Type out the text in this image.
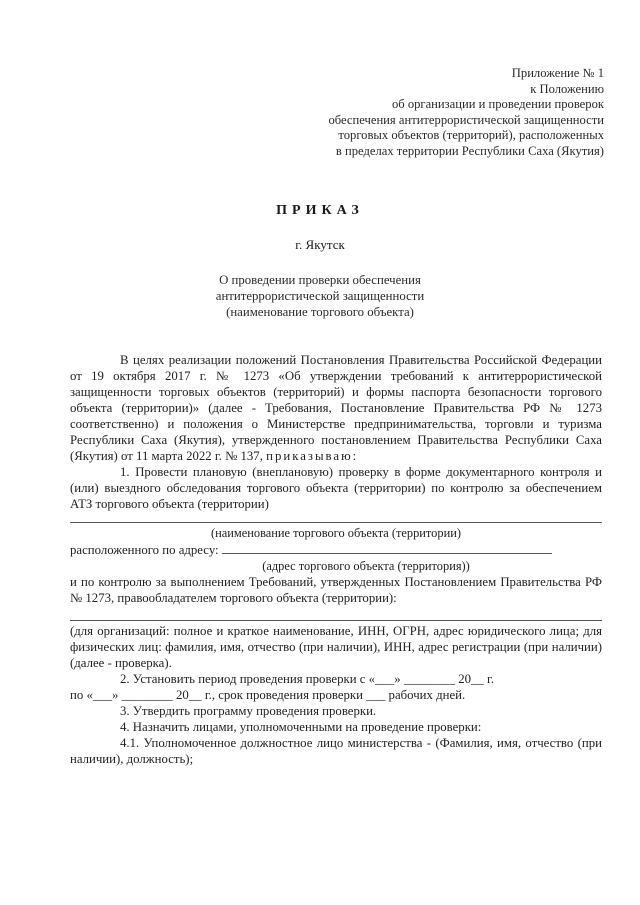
Приложение № 1
к Положению
об организации и проведении проверок
обеспечения антитеррористической защищенности
торговых объектов (территорий), расположенных
в пределах территории Республики Саха (Якутия)
ПРИКАЗ
г. Якутск
О проведении проверки обеспечения
антитеррористической защищенности
(наименование торгового объекта)

В целях реализации положений Постановления Правительства Российской Федерации от 19 октября 2017 г. № 1273 «Об утверждении требований к антитеррористической защищенности торговых объектов (территорий) и формы паспорта безопасности торгового объекта (территории)» (далее - Требования, Постановление Правительства РФ № 1273 соответственно) и положения о Министерстве предпринимательства, торговли и туризма Республики Саха (Якутия), утвержденного постановлением Правительства Республики Саха (Якутия) от 11 марта 2022 г. № 137, приказываю:

1. Провести плановую (внеплановую) проверку в форме документарного контроля и (или) выездного обследования торгового объекта (территории) по контролю за обеспечением АТЗ торгового объекта (территории)

(наименование торгового объекта (территории)

расположенного по адресу:

(адрес торгового объекта (территория))

и по контролю за выполнением Требований, утвержденных Постановлением Правительства РФ № 1273, правообладателем торгового объекта (территории):

(для организаций: полное и краткое наименование, ИНН, ОГРН, адрес юридического лица; для физических лиц: фамилия, имя, отчество (при наличии), ИНН, адрес регистрации (при наличии) (далее - проверка).

2. Установить период проведения проверки с «___» ________ 20__ г.

по «___» ________ 20__ г., срок проведения проверки ___ рабочих дней.

3. Утвердить программу проведения проверки.

4. Назначить лицами, уполномоченными на проведение проверки:

4.1. Уполномоченное должностное лицо министерства - (Фамилия, имя, отчество (при наличии), должность);
